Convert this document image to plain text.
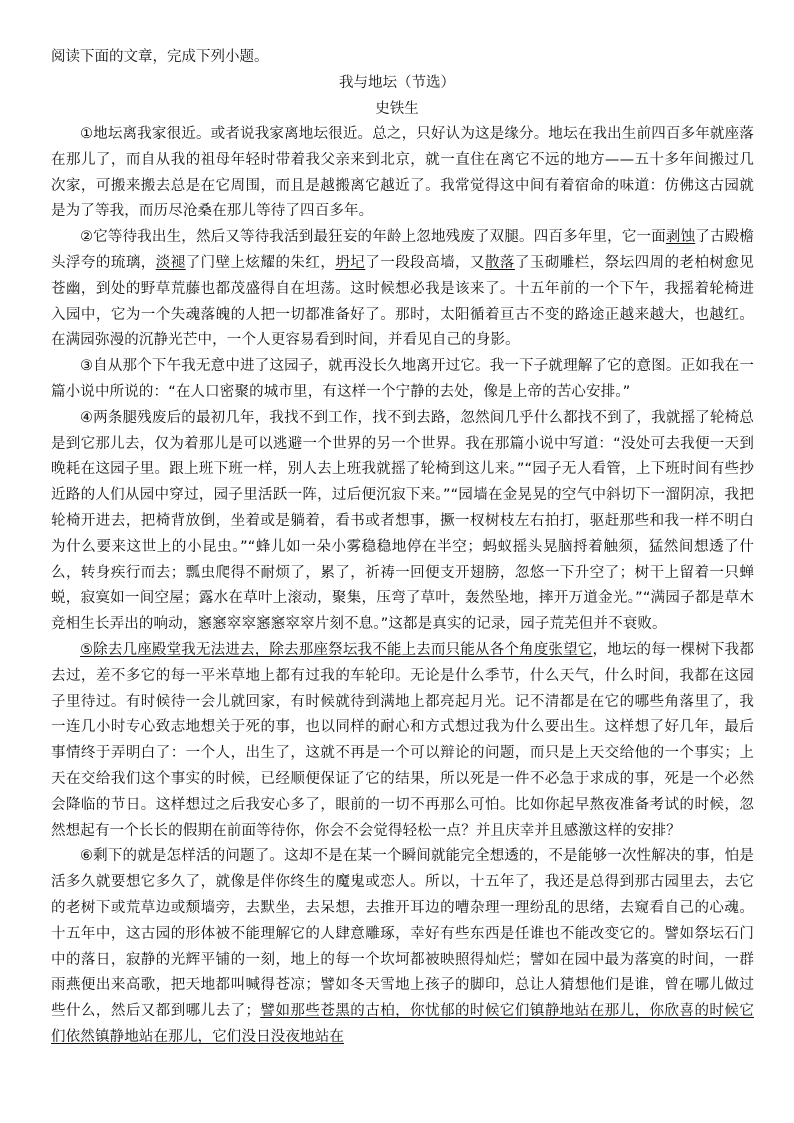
阅读下面的文章，完成下列小题。

我与地坛（节选）

史铁生

①地坛离我家很近。或者说我家离地坛很近。总之，只好认为这是缘分。地坛在我出生前四百多年就座落在那儿了，而自从我的祖母年轻时带着我父亲来到北京，就一直住在离它不远的地方——五十多年间搬过几次家，可搬来搬去总是在它周围，而且是越搬离它越近了。我常觉得这中间有着宿命的味道：仿佛这古园就是为了等我，而历尽沧桑在那儿等待了四百多年。

②它等待我出生，然后又等待我活到最狂妄的年龄上忽地残废了双腿。四百多年里，它一面剥蚀了古殿檐头浮夸的琉璃，淡褪了门壁上炫耀的朱红，坍圮了一段段高墙，又散落了玉砌雕栏，祭坛四周的老柏树愈见苍幽，到处的野草荒藤也都茂盛得自在坦荡。这时候想必我是该来了。十五年前的一个下午，我摇着轮椅进入园中，它为一个失魂落魄的人把一切都准备好了。那时，太阳循着亘古不变的路途正越来越大，也越红。在满园弥漫的沉静光芒中，一个人更容易看到时间，并看见自己的身影。

③自从那个下午我无意中进了这园子，就再没长久地离开过它。我一下子就理解了它的意图。正如我在一篇小说中所说的：“在人口密聚的城市里，有这样一个宁静的去处，像是上帝的苦心安排。”

④两条腿残废后的最初几年，我找不到工作，找不到去路，忽然间几乎什么都找不到了，我就摇了轮椅总是到它那儿去，仅为着那儿是可以逃避一个世界的另一个世界。我在那篇小说中写道：“没处可去我便一天到晚耗在这园子里。跟上班下班一样，别人去上班我就摇了轮椅到这儿来。”“园子无人看管，上下班时间有些抄近路的人们从园中穿过，园子里活跃一阵，过后便沉寂下来。”“园墙在金晃晃的空气中斜切下一溜阴凉，我把轮椅开进去，把椅背放倒，坐着或是躺着，看书或者想事，撅一杈树枝左右拍打，驱赶那些和我一样不明白为什么要来这世上的小昆虫。”“蜂儿如一朵小雾稳稳地停在半空；蚂蚁摇头晃脑捋着触须，猛然间想透了什么，转身疾行而去；瓢虫爬得不耐烦了，累了，祈祷一回便支开翅膀，忽悠一下升空了；树干上留着一只蝉蜕，寂寞如一间空屋；露水在草叶上滚动，聚集，压弯了草叶，轰然坠地，摔开万道金光。”“满园子都是草木竞相生长弄出的响动，窸窸窣窣窸窸窣窣片刻不息。”这都是真实的记录，园子荒芜但并不衰败。

⑤除去几座殿堂我无法进去，除去那座祭坛我不能上去而只能从各个角度张望它，地坛的每一棵树下我都去过，差不多它的每一平米草地上都有过我的车轮印。无论是什么季节，什么天气，什么时间，我都在这园子里待过。有时候待一会儿就回家，有时候就待到满地上都亮起月光。记不清都是在它的哪些角落里了，我一连几小时专心致志地想关于死的事，也以同样的耐心和方式想过我为什么要出生。这样想了好几年，最后事情终于弄明白了：一个人，出生了，这就不再是一个可以辩论的问题，而只是上天交给他的一个事实；上天在交给我们这个事实的时候，已经顺便保证了它的结果，所以死是一件不必急于求成的事，死是一个必然会降临的节日。这样想过之后我安心多了，眼前的一切不再那么可怕。比如你起早熬夜准备考试的时候，忽然想起有一个长长的假期在前面等待你，你会不会觉得轻松一点？并且庆幸并且感激这样的安排？

⑥剩下的就是怎样活的问题了。这却不是在某一个瞬间就能完全想透的，不是能够一次性解决的事，怕是活多久就要想它多久了，就像是伴你终生的魔鬼或恋人。所以，十五年了，我还是总得到那古园里去，去它的老树下或荒草边或颓墙旁，去默坐，去呆想，去推开耳边的嘈杂理一理纷乱的思绪，去窥看自己的心魂。十五年中，这古园的形体被不能理解它的人肆意雕琢，幸好有些东西是任谁也不能改变它的。譬如祭坛石门中的落日，寂静的光辉平铺的一刻，地上的每一个坎坷都被映照得灿烂；譬如在园中最为落寞的时间，一群雨燕便出来高歌，把天地都叫喊得苍凉；譬如冬天雪地上孩子的脚印，总让人猜想他们是谁，曾在哪儿做过些什么，然后又都到哪儿去了；譬如那些苍黑的古柏，你忧郁的时候它们镇静地站在那儿，你欣喜的时候它们依然镇静地站在那儿，它们没日没夜地站在
